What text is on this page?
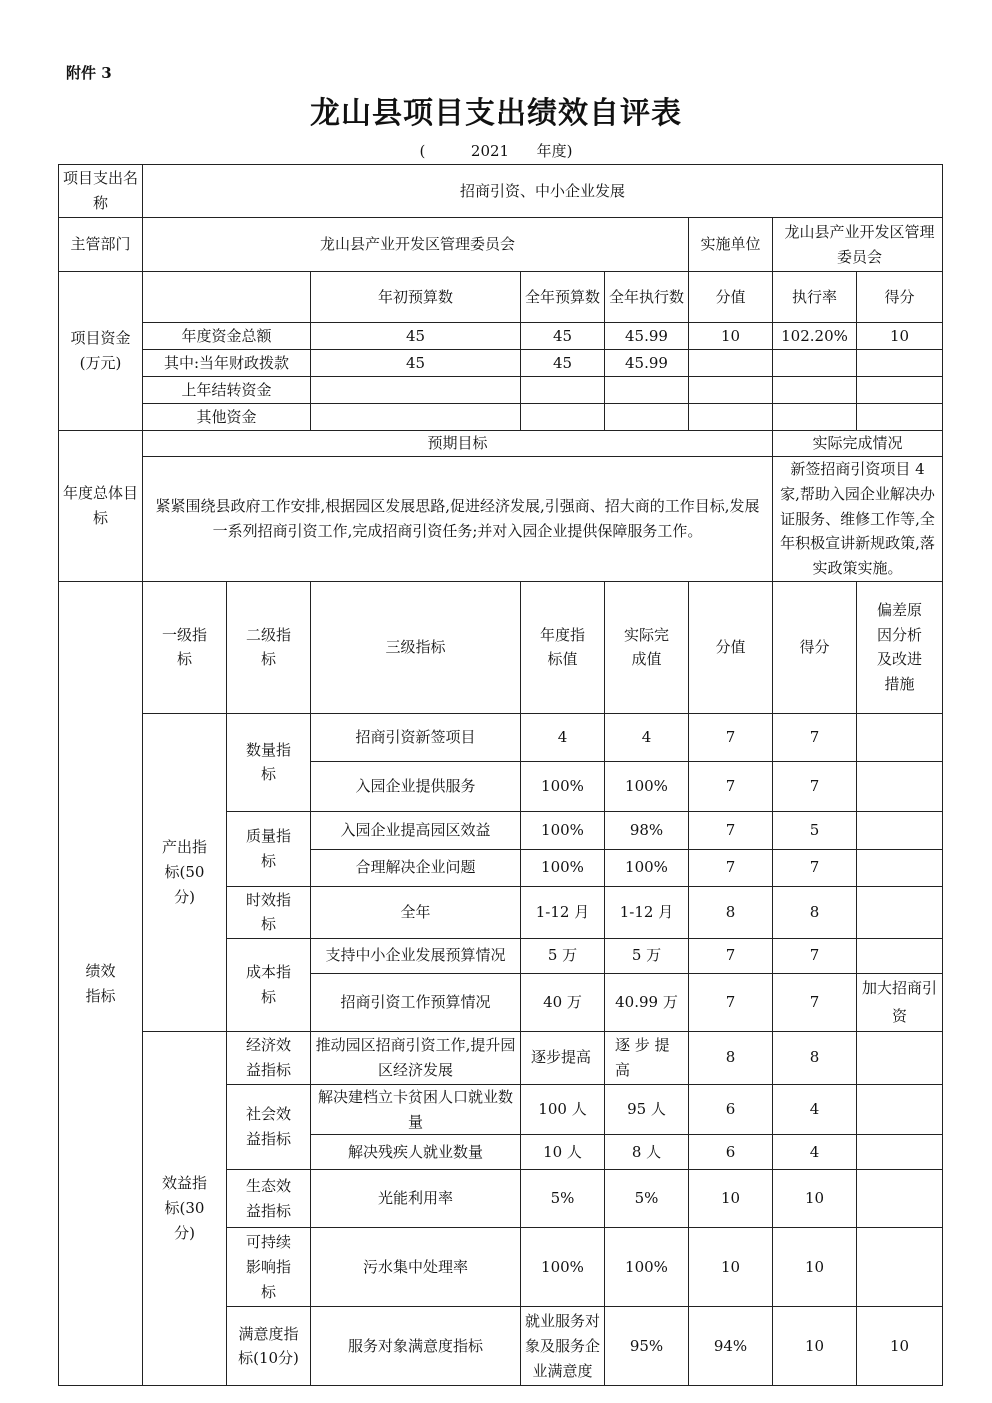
附件 3
龙山县项目支出绩效自评表
(	2021 年度)
项目支出名称	招商引资、中小企业发展								
主管部门	龙山县产业开发区管理委员会					实施单位	龙山县产业开发区管理委员会		
项目资金(万元)			年初预算数	全年预算数	全年执行数	分值	执行率	得分	
	年度资金总额		45	45	45.99	10	102.20%	10	
	其中:当年财政拨款		45	45	45.99				
	上年结转资金								
	其他资金								
年度总体目标	预期目标						实际完成情况		
	紧紧围绕县政府工作安排,根据园区发展思路,促进经济发展,引强商、招大商的工作目标,发展一系列招商引资工作,完成招商引资任务;并对入园企业提供保障服务工作。						新签招商引资项目 4 家,帮助入园企业解决办证服务、维修工作等,全年积极宣讲新规政策,落实政策实施。		
绩效指标	一级指标	二级指标	三级指标	年度指标值	实际完成值	分值	得分	偏差原因分析及改进措施	
	产出指标(50分)	数量指标	招商引资新签项目	4	4	7	7		
			入园企业提供服务	100%	100%	7	7		
		质量指标	入园企业提高园区效益	100%	98%	7	5		
			合理解决企业问题	100%	100%	7	7		
		时效指标	全年	1-12 月	1-12 月	8	8		
		成本指标	支持中小企业发展预算情况	5 万	5 万	7	7		
			招商引资工作预算情况	40 万	40.99 万	7	7	加大招商引资	
	效益指标(30分)	经济效益指标	推动园区招商引资工作,提升园区经济发展	逐步提高	逐 步 提 高	8	8		
		社会效益指标	解决建档立卡贫困人口就业数量	100 人	95 人	6	4		
			解决残疾人就业数量	10 人	8 人	6	4		
		生态效益指标	光能利用率	5%	5%	10	10		
		可持续影响指标	污水集中处理率	100%	100%	10	10		
		满意度指标(10分)	服务对象满意度指标	就业服务对象及服务企业满意度	95%	94%	10	10	
